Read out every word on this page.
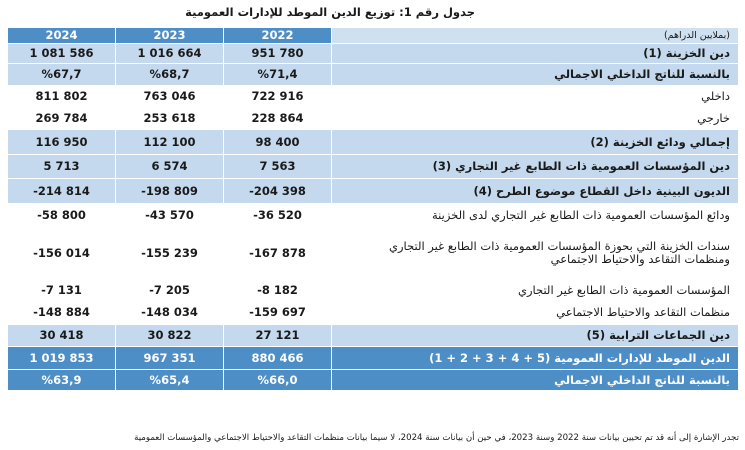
جدول رقم 1: توزيع الدين الموطد للإدارات العمومية
(بملايين الدراهم)	2022	2023	2024
دين الخزينة (1)	951 780	1 016 664	1 081 586
بالنسبة للناتج الداخلي الاجمالي	%71,4	%68,7	%67,7
داخلي	722 916	763 046	811 802
خارجي	228 864	253 618	269 784
إجمالي ودائع الخزينة (2)	98 400	112 100	116 950
دين المؤسسات العمومية ذات الطابع غير التجاري (3)	7 563	6 574	5 713
الديون البينية داخل القطاع موضوع الطرح (4)	-204 398	-198 809	-214 814
ودائع المؤسسات العمومية ذات الطابع غير التجاري لدى الخزينة	-36 520	-43 570	-58 800
سندات الخزينة التي بحوزة المؤسسات العمومية ذات الطابع غير التجاري ومنظمات التقاعد والاحتياط الاجتماعي	-167 878	-155 239	-156 014
المؤسسات العمومية ذات الطابع غير التجاري	-8 182	-7 205	-7 131
منظمات التقاعد والاحتياط الاجتماعي	-159 697	-148 034	-148 884
دين الجماعات الترابية (5)	27 121	30 822	30 418
الدين الموطد للإدارات العمومية (5 + 4 + 3 + 2 + 1)	880 466	967 351	1 019 853
بالنسبة للناتج الداخلي الاجمالي	%66,0	%65,4	%63,9
تجدر الإشارة إلى أنه قد تم تحيين بيانات سنة 2022 وسنة 2023، في حين أن بيانات سنة 2024، لا سيما بيانات منظمات التقاعد والاحتياط الاجتماعي والمؤسسات العمومية
